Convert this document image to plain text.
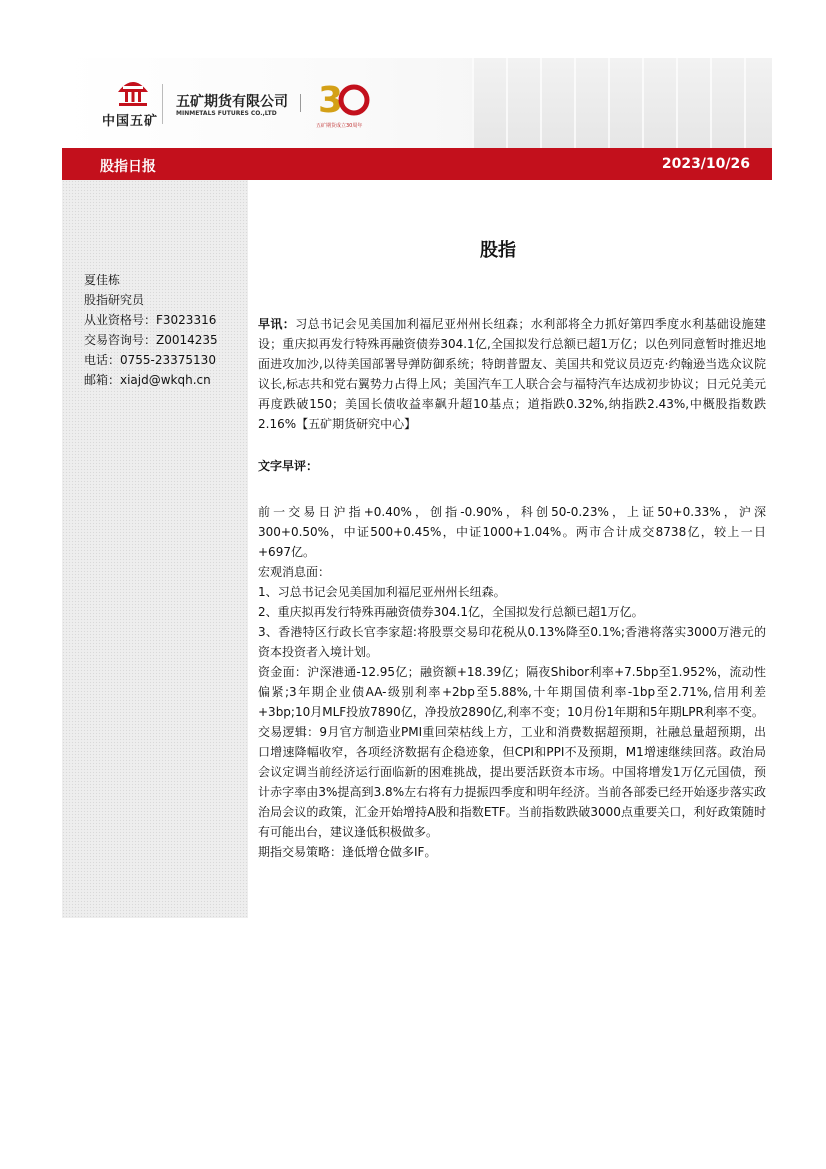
中国五矿
五矿期货有限公司
MINMETALS FUTURES CO.,LTD 3
五矿期货成立30周年
股指日报	2023/10/26
夏佳栋
股指研究员
从业资格号：F3023316
交易咨询号：Z0014235
电话：0755-23375130
邮箱：xiajd@wkqh.cn
股指

早讯：习总书记会见美国加利福尼亚州州长纽森；水利部将全力抓好第四季度水利基础设施建设；重庆拟再发行特殊再融资债券304.1亿,全国拟发行总额已超1万亿；以色列同意暂时推迟地面进攻加沙,以待美国部署导弹防御系统；特朗普盟友、美国共和党议员迈克·约翰逊当选众议院议长,标志共和党右翼势力占得上风；美国汽车工人联合会与福特汽车达成初步协议；日元兑美元再度跌破150；美国长债收益率飙升超10基点；道指跌0.32%,纳指跌2.43%,中概股指数跌2.16%【五矿期货研究中心】

文字早评：

前一交易日沪指+0.40%，创指-0.90%，科创50-0.23%，上证50+0.33%，沪深300+0.50%，中证500+0.45%，中证1000+1.04%。两市合计成交8738亿，较上一日+697亿。

宏观消息面：

1、习总书记会见美国加利福尼亚州州长纽森。

2、重庆拟再发行特殊再融资债券304.1亿，全国拟发行总额已超1万亿。

3、香港特区行政长官李家超:将股票交易印花税从0.13%降至0.1%;香港将落实3000万港元的资本投资者入境计划。

资金面：沪深港通-12.95亿；融资额+18.39亿；隔夜Shibor利率+7.5bp至1.952%，流动性偏紧;3年期企业债AA-级别利率+2bp至5.88%,十年期国债利率-1bp至2.71%,信用利差+3bp;10月MLF投放7890亿，净投放2890亿,利率不变；10月份1年期和5年期LPR利率不变。

交易逻辑：9月官方制造业PMI重回荣枯线上方，工业和消费数据超预期，社融总量超预期，出口增速降幅收窄，各项经济数据有企稳迹象，但CPI和PPI不及预期，M1增速继续回落。政治局会议定调当前经济运行面临新的困难挑战，提出要活跃资本市场。中国将增发1万亿元国债，预计赤字率由3%提高到3.8%左右将有力提振四季度和明年经济。当前各部委已经开始逐步落实政治局会议的政策，汇金开始增持A股和指数ETF。当前指数跌破3000点重要关口，利好政策随时有可能出台，建议逢低积极做多。

期指交易策略：逢低增仓做多IF。
